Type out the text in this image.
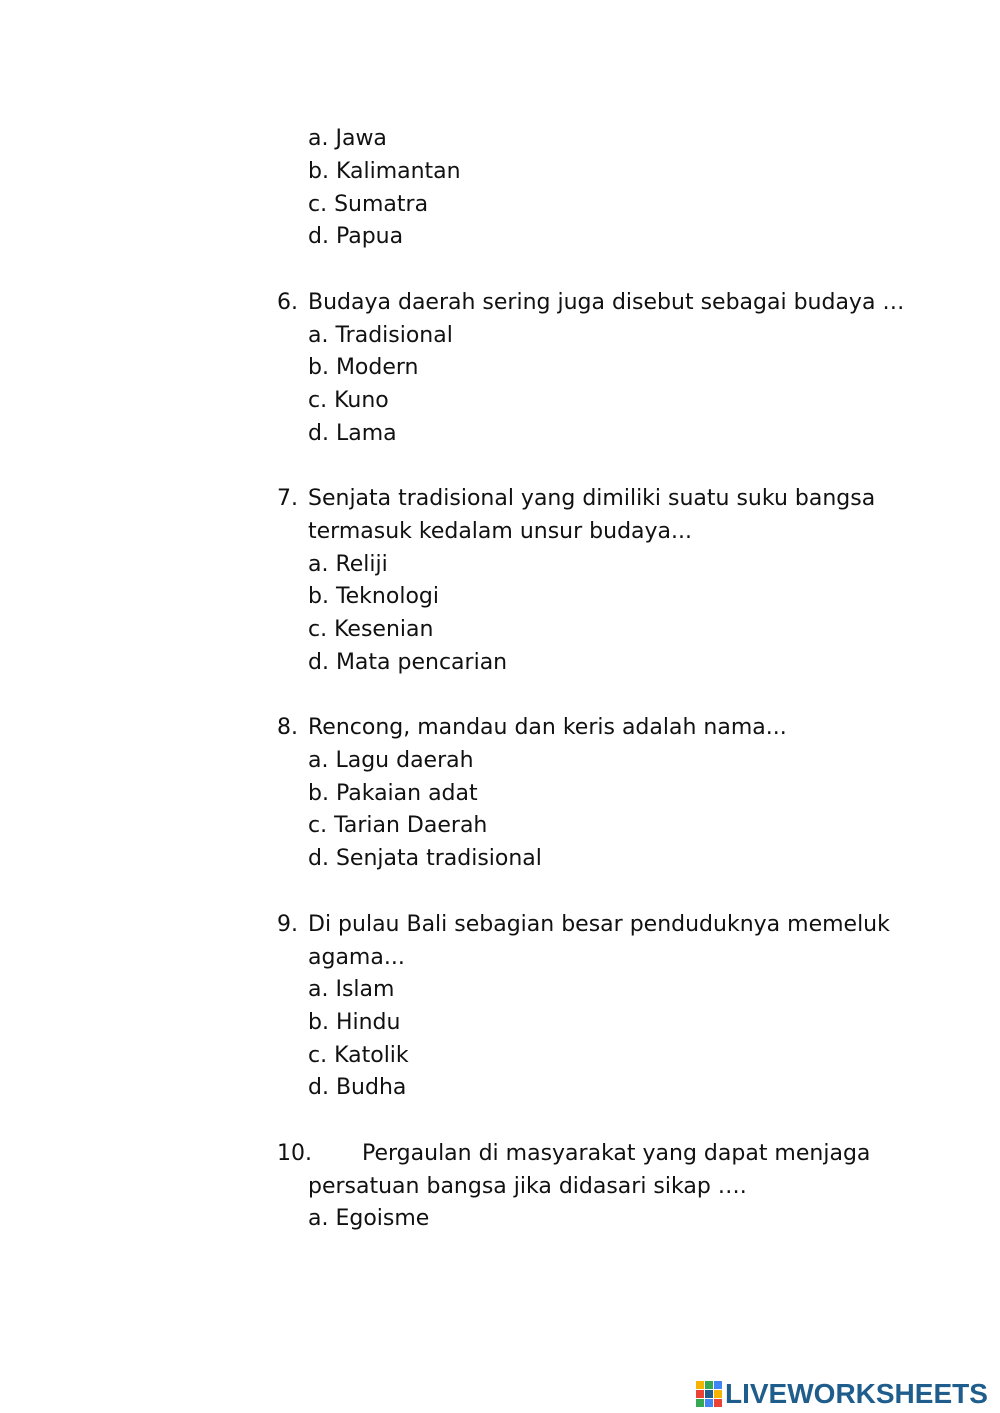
a. Jawa
b. Kalimantan
c. Sumatra
d. Papua
6. Budaya daerah sering juga disebut sebagai budaya …
a. Tradisional
b. Modern
c. Kuno
d. Lama
7. Senjata tradisional yang dimiliki suatu suku bangsa
termasuk kedalam unsur budaya...
a. Reliji
b. Teknologi
c. Kesenian
d. Mata pencarian
8. Rencong, mandau dan keris adalah nama...
a. Lagu daerah
b. Pakaian adat
c. Tarian Daerah
d. Senjata tradisional
9. Di pulau Bali sebagian besar penduduknya memeluk
agama...
a. Islam
b. Hindu
c. Katolik
d. Budha
10. Pergaulan di masyarakat yang dapat menjaga
persatuan bangsa jika didasari sikap ….
a. Egoisme
LIVEWORKSHEETS
